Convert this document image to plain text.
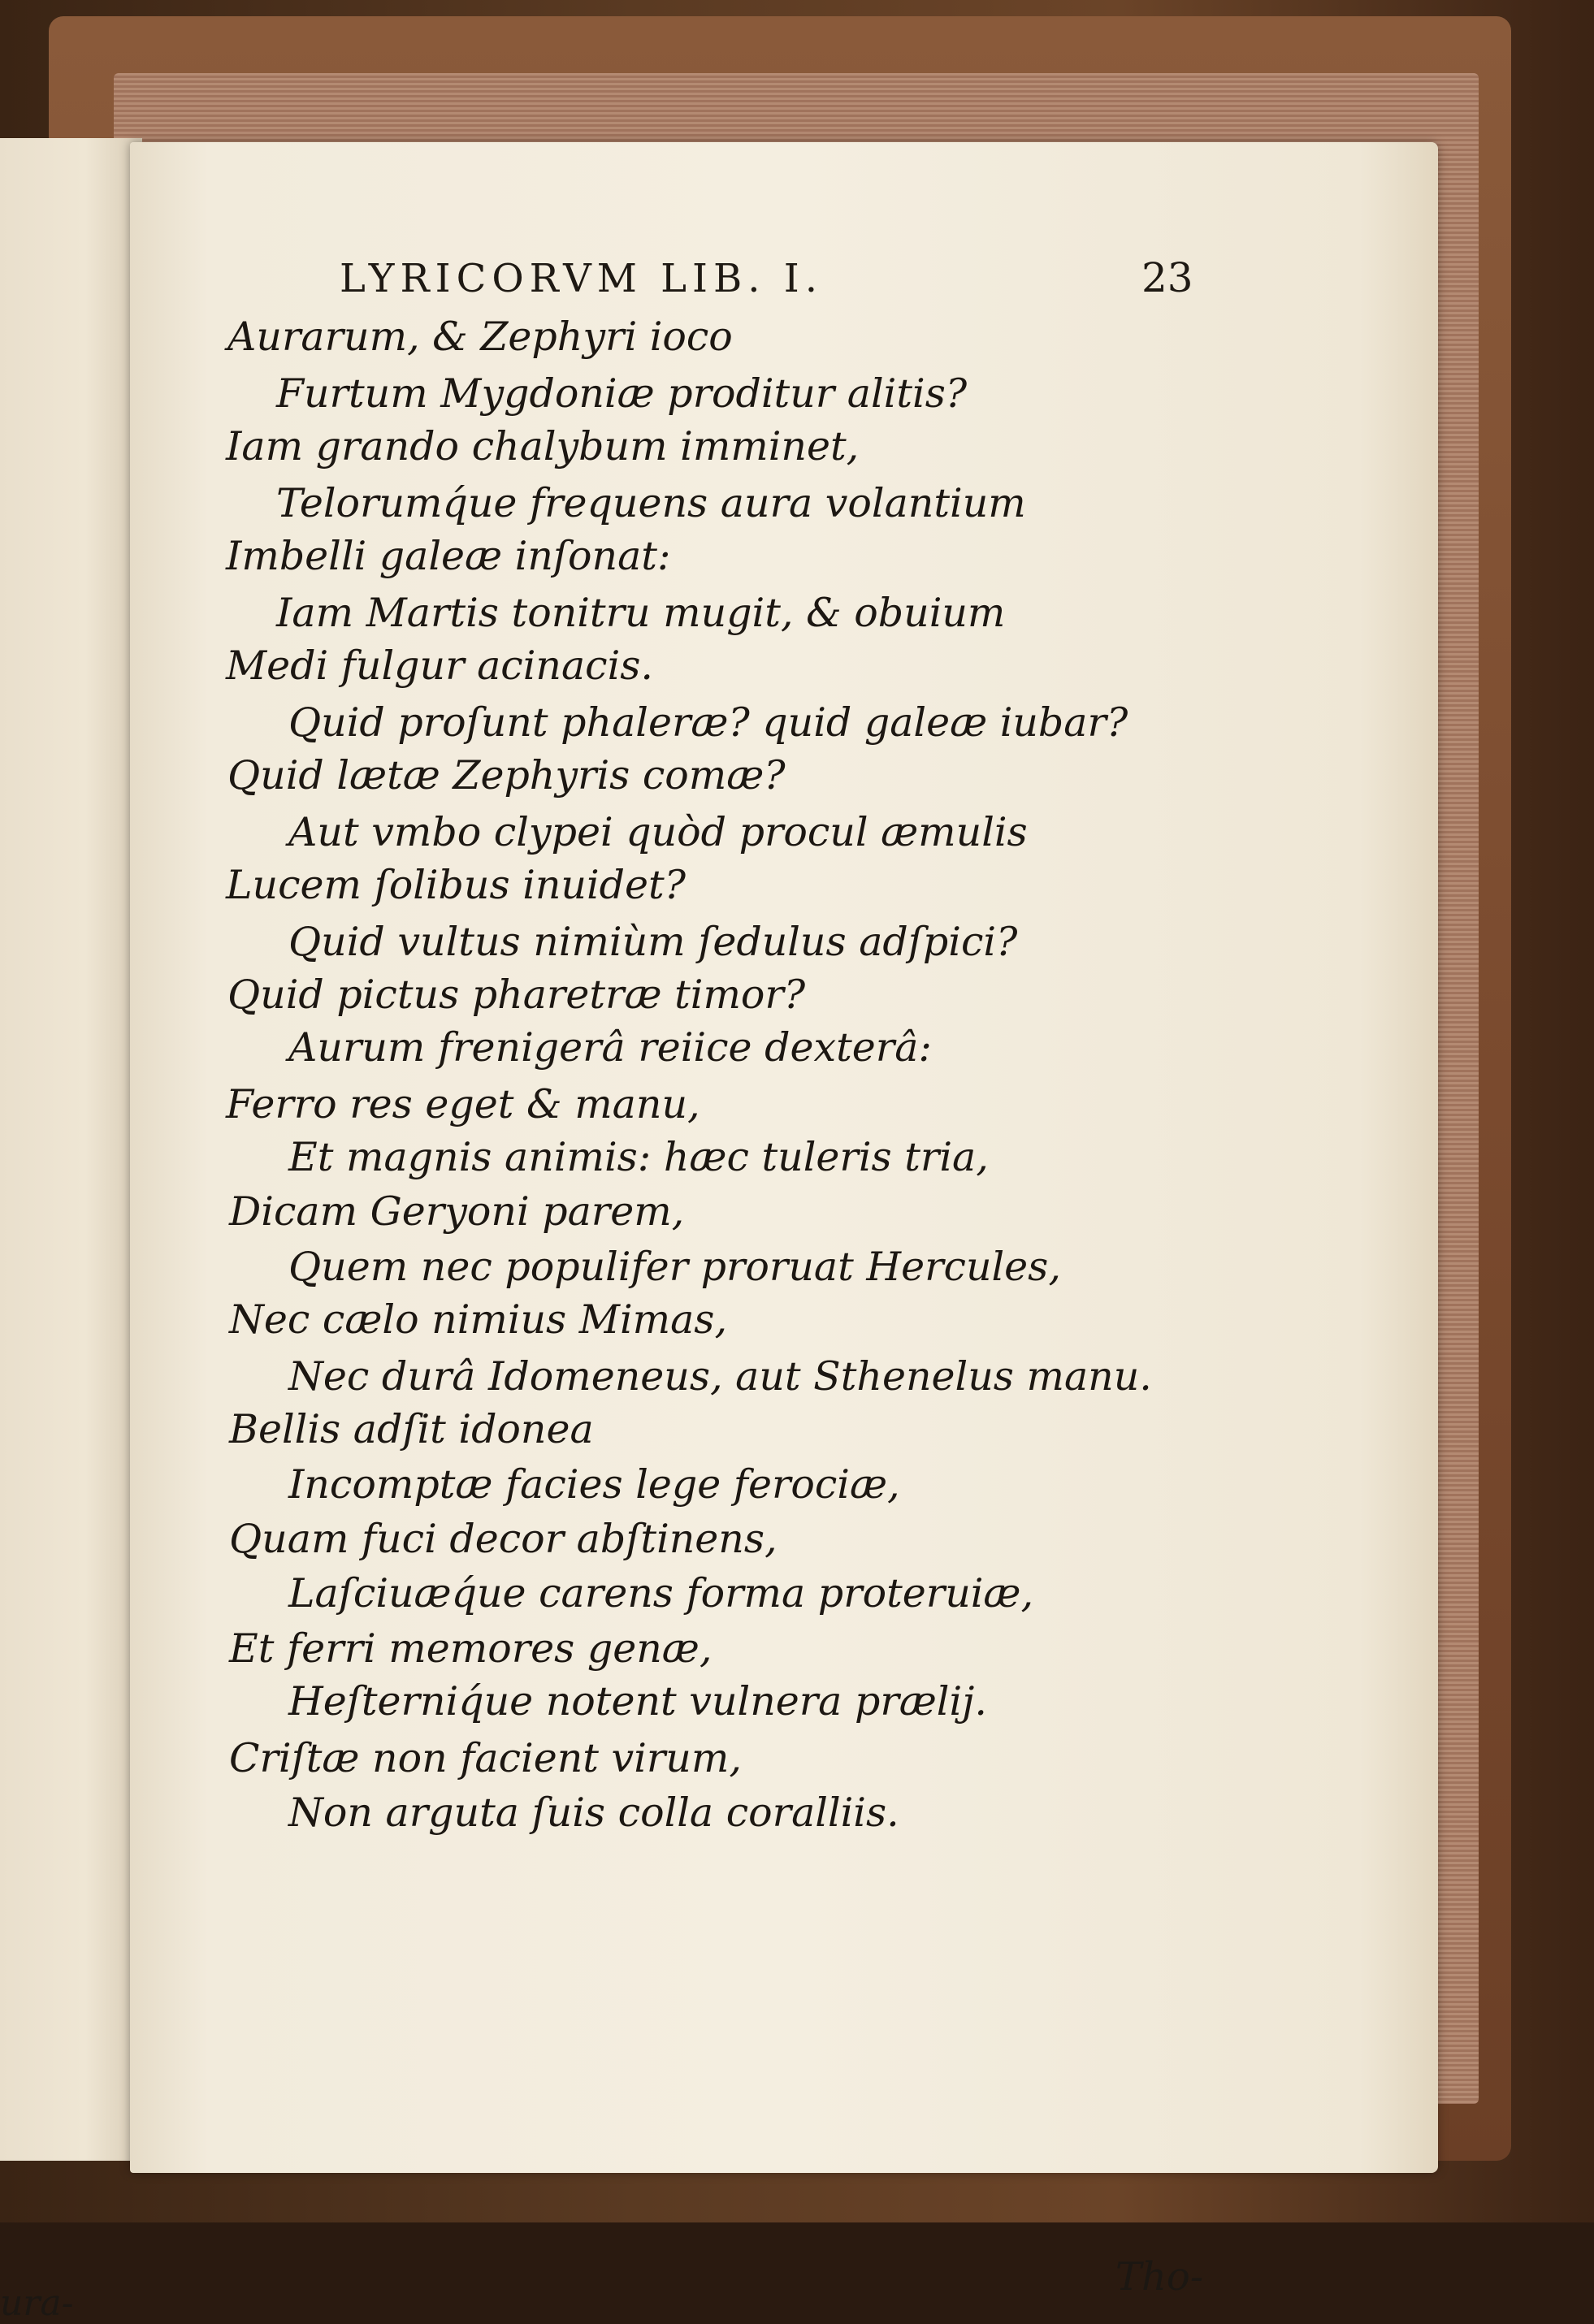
ura-
LYRICORVM LIB. I.	23
Aurarum, & Zephyri ioco
Furtum Mygdoniæ proditur alitis?
Iam grando chalybum imminet,
Telorumq́ue frequens aura volantium
Imbelli galeæ inſonat:
Iam Martis tonitru mugit, & obuium
Medi fulgur acinacis.
Quid proſunt phaleræ? quid galeæ iubar?
Quid lætæ Zephyris comæ?
Aut vmbo clypei quòd procul æmulis
Lucem ſolibus inuidet?
Quid vultus nimiùm ſedulus adſpici?
Quid pictus pharetræ timor?
Aurum frenigerâ reiice dexterâ:
Ferro res eget & manu,
Et magnis animis: hæc tuleris tria,
Dicam Geryoni parem,
Quem nec populifer proruat Hercules,
Nec cælo nimius Mimas,
Nec durâ Idomeneus, aut Sthenelus manu.
Bellis adſit idonea
Incomptæ facies lege ferociæ,
Quam fuci decor abſtinens,
Laſciuæq́ue carens forma proteruiæ,
Et ferri memores genæ,
Heſterniq́ue notent vulnera prælij.
Criſtæ non facient virum,
Non arguta ſuis colla coralliis.
Tho-
